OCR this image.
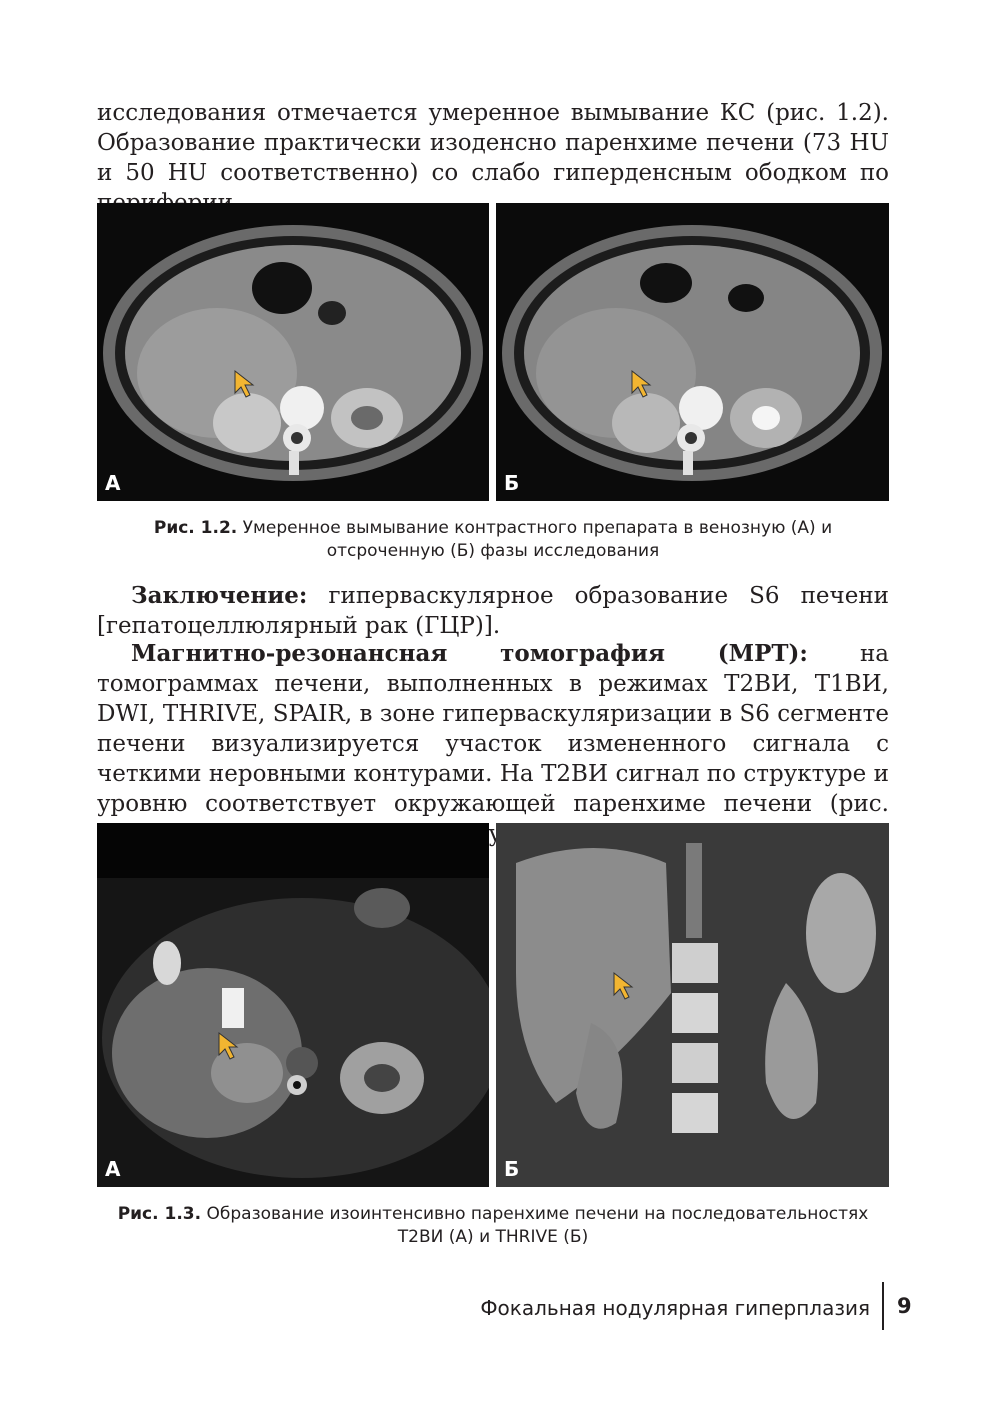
исследования отмечается умеренное вымывание КС (рис. 1.2). Образование практически изоденсно паренхиме печени (73 HU и 50 HU соответственно) со слабо гиперденсным ободком по

А	Б

Рис. 1.2. Умеренное вымывание контрастного препарата в венозную (А) и отсроченную (Б) фазы исследования

Заключение: гиперваскулярное образование S6 печени [гепатоцеллюлярный рак (ГЦР)].

Магнитно-резонансная томография (МРТ): на томограммах печени, выполненных в режимах Т2ВИ, Т1ВИ, DWI, THRIVE, SPAIR, в зоне гиперваскуляризации в S6 сегменте печени визуализируется участок измененного сигнала с четкими неровными контурами. На Т2ВИ сигнал по структуре и уровню соответствует окружающей паренхиме печени (рис.

А	Б

Рис. 1.3. Образование изоинтенсивно паренхиме печени на последовательностях Т2ВИ (А) и THRIVE (Б)

Фокальная нодулярная гиперплазия 9
